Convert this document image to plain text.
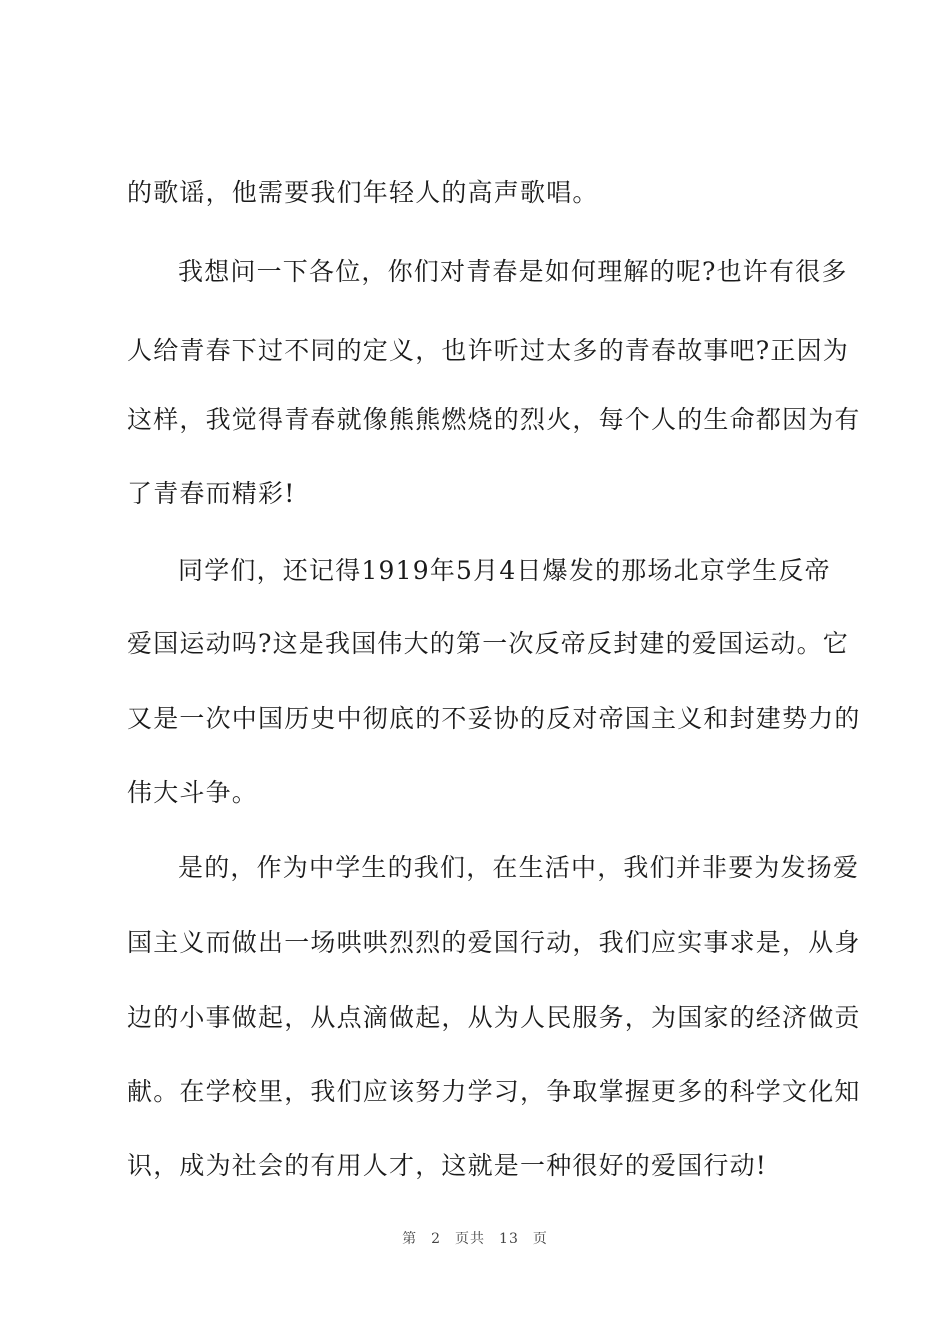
的歌谣，他需要我们年轻人的高声歌唱。
我想问一下各位，你们对青春是如何理解的呢?也许有很多
人给青春下过不同的定义，也许听过太多的青春故事吧?正因为
这样，我觉得青春就像熊熊燃烧的烈火，每个人的生命都因为有
了青春而精彩!
同学们，还记得1919年5月4日爆发的那场北京学生反帝
爱国运动吗?这是我国伟大的第一次反帝反封建的爱国运动。它
又是一次中国历史中彻底的不妥协的反对帝国主义和封建势力的
伟大斗争。
是的，作为中学生的我们，在生活中，我们并非要为发扬爱
国主义而做出一场哄哄烈烈的爱国行动，我们应实事求是，从身
边的小事做起，从点滴做起，从为人民服务，为国家的经济做贡
献。在学校里，我们应该努力学习，争取掌握更多的科学文化知
识，成为社会的有用人才，这就是一种很好的爱国行动!
第 2 页共 13 页
